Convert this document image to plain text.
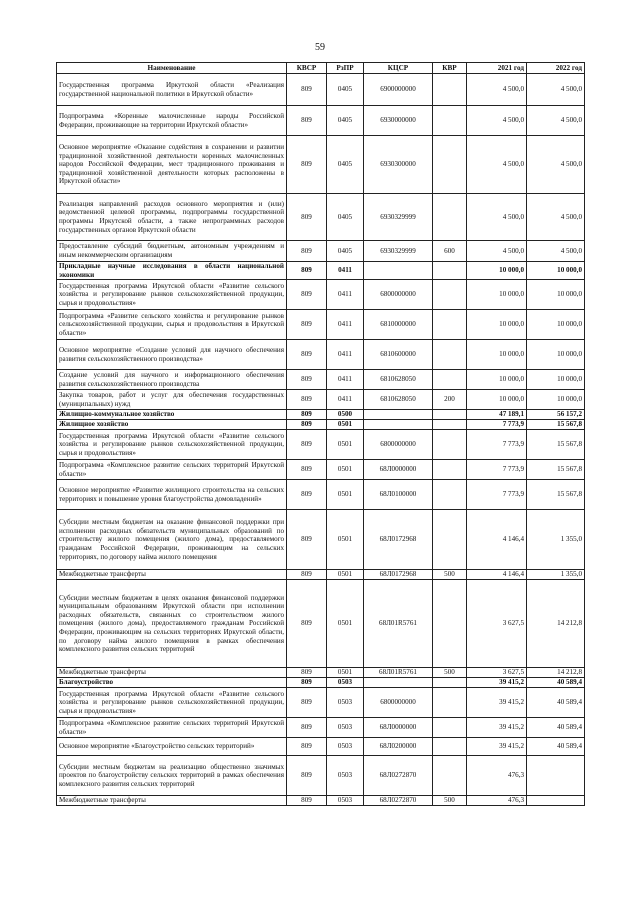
59
Наименование	КВСР	РзПР	КЦСР	КВР	2021 год	2022 год
Государственная программа Иркутской области «Реализация государственной национальной политики в Иркутской области»	809	0405	6900000000		4 500,0	4 500,0
Подпрограмма «Коренные малочисленные народы Российской Федерации, проживающие на территории Иркутской области»	809	0405	6930000000		4 500,0	4 500,0
Основное мероприятие «Оказание содействия в сохранении и развитии традиционной хозяйственной деятельности коренных малочисленных народов Российской Федерации, мест традиционного проживания и традиционной хозяйственной деятельности которых расположены в Иркутской области»	809	0405	6930300000		4 500,0	4 500,0
Реализация направлений расходов основного мероприятия и (или) ведомственной целевой программы, подпрограммы государственной программы Иркутской области, а также непрограммных расходов государственных органов Иркутской области	809	0405	6930329999		4 500,0	4 500,0
Предоставление субсидий бюджетным, автономным учреждениям и иным некоммерческим организациям	809	0405	6930329999	600	4 500,0	4 500,0
Прикладные научные исследования в области национальной экономики	809	0411			10 000,0	10 000,0
Государственная программа Иркутской области «Развитие сельского хозяйства и регулирование рынков сельскохозяйственной продукции, сырья и продовольствия»	809	0411	6800000000		10 000,0	10 000,0
Подпрограмма «Развитие сельского хозяйства и регулирование рынков сельскохозяйственной продукции, сырья и продовольствия в Иркутской области»	809	0411	6810000000		10 000,0	10 000,0
Основное мероприятие «Создание условий для научного обеспечения развития сельскохозяйственного производства»	809	0411	6810600000		10 000,0	10 000,0
Создание условий для научного и информационного обеспечения развития сельскохозяйственного производства	809	0411	6810628050		10 000,0	10 000,0
Закупка товаров, работ и услуг для обеспечения государственных (муниципальных) нужд	809	0411	6810628050	200	10 000,0	10 000,0
Жилищно-коммунальное хозяйство	809	0500			47 189,1	56 157,2
Жилищное хозяйство	809	0501			7 773,9	15 567,8
Государственная программа Иркутской области «Развитие сельского хозяйства и регулирование рынков сельскохозяйственной продукции, сырья и продовольствия»	809	0501	6800000000		7 773,9	15 567,8
Подпрограмма «Комплексное развитие сельских территорий Иркутской области»	809	0501	68Л0000000		7 773,9	15 567,8
Основное мероприятие «Развитие жилищного строительства на сельских территориях и повышение уровня благоустройства домовладений»	809	0501	68Л0100000		7 773,9	15 567,8
Субсидии местным бюджетам на оказание финансовой поддержки при исполнении расходных обязательств муниципальных образований по строительству жилого помещения (жилого дома), предоставляемого гражданам Российской Федерации, проживающим на сельских территориях, по договору найма жилого помещения	809	0501	68Л0172968		4 146,4	1 355,0
Межбюджетные трансферты	809	0501	68Л0172968	500	4 146,4	1 355,0
Субсидии местным бюджетам в целях оказания финансовой поддержки муниципальным образованиям Иркутской области при исполнении расходных обязательств, связанных со строительством жилого помещения (жилого дома), предоставляемого гражданам Российской Федерации, проживающим на сельских территориях Иркутской области, по договору найма жилого помещения в рамках обеспечения комплексного развития сельских территорий	809	0501	68Л01R5761		3 627,5	14 212,8
Межбюджетные трансферты	809	0501	68Л01R5761	500	3 627,5	14 212,8
Благоустройство	809	0503			39 415,2	40 589,4
Государственная программа Иркутской области «Развитие сельского хозяйства и регулирование рынков сельскохозяйственной продукции, сырья и продовольствия»	809	0503	6800000000		39 415,2	40 589,4
Подпрограмма «Комплексное развитие сельских территорий Иркутской области»	809	0503	68Л0000000		39 415,2	40 589,4
Основное мероприятие «Благоустройство сельских территорий»	809	0503	68Л0200000		39 415,2	40 589,4
Субсидии местным бюджетам на реализацию общественно значимых проектов по благоустройству сельских территорий в рамках обеспечения комплексного развития сельских территорий	809	0503	68Л0272870		476,3	
Межбюджетные трансферты	809	0503	68Л0272870	500	476,3	
